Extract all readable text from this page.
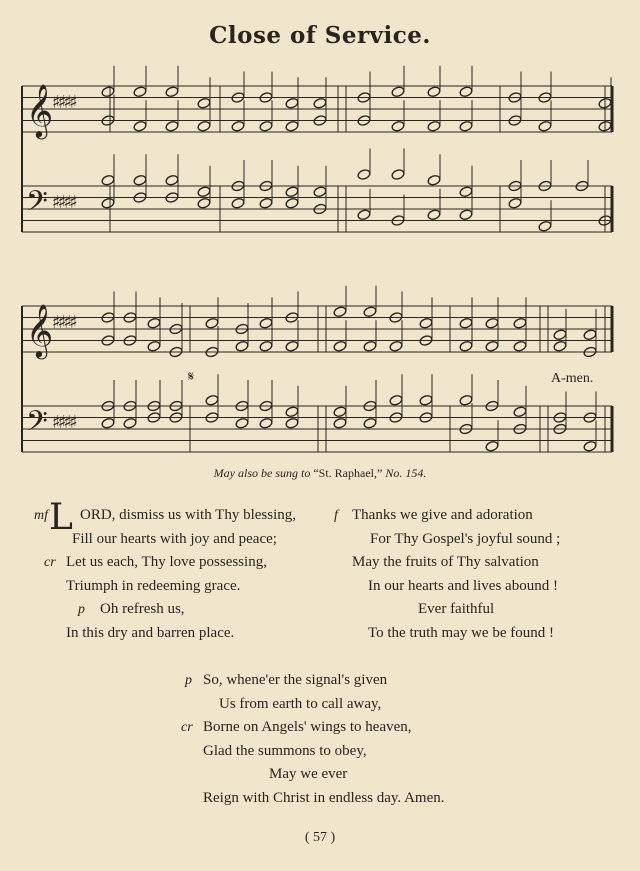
Close of Service.
𝄞
♯♯♯♯
𝄢 ♯♯♯♯
𝄞
♯♯♯♯
𝄢 ♯♯♯♯
𝄋	A-men.
May also be sung to “St. Raphael,” No. 154.
L
mf ORD, dismiss us with Thy blessing,
Fill our hearts with joy and peace;
cr Let us each, Thy love possessing,
Triumph in redeeming grace.
p Oh refresh us,
In this dry and barren place.
f Thanks we give and adoration
For Thy Gospel's joyful sound ;
May the fruits of Thy salvation
In our hearts and lives abound !
Ever faithful
To the truth may we be found !
p So, whene'er the signal's given
Us from earth to call away,
cr Borne on Angels' wings to heaven,
Glad the summons to obey,
May we ever
Reign with Christ in endless day. Amen.
( 57 )
